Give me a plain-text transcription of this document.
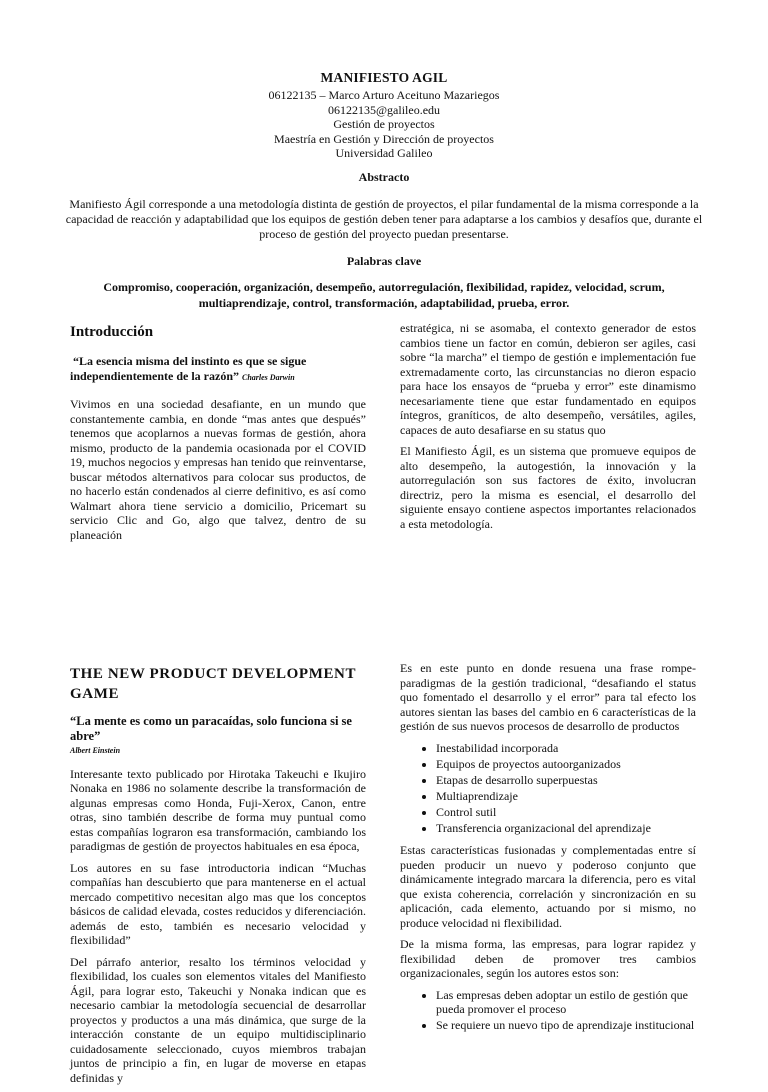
MANIFIESTO AGIL
06122135 – Marco Arturo Aceituno Mazariegos
06122135@galileo.edu
Gestión de proyectos
Maestría en Gestión y Dirección de proyectos
Universidad Galileo
Abstracto
Manifiesto Ágil corresponde a una metodología distinta de gestión de proyectos, el pilar fundamental de la misma corresponde a la capacidad de reacción y adaptabilidad que los equipos de gestión deben tener para adaptarse a los cambios y desafíos que, durante el proceso de gestión del proyecto puedan presentarse.
Palabras clave
Compromiso, cooperación, organización, desempeño, autorregulación, flexibilidad, rapidez, velocidad, scrum, multiaprendizaje, control, transformación, adaptabilidad, prueba, error.
Introducción
“La esencia misma del instinto es que se sigue independientemente de la razón” Charles Darwin

Vivimos en una sociedad desafiante, en un mundo que constantemente cambia, en donde “mas antes que después” tenemos que acoplarnos a nuevas formas de gestión, ahora mismo, producto de la pandemia ocasionada por el COVID 19, muchos negocios y empresas han tenido que reinventarse, buscar métodos alternativos para colocar sus productos, de no hacerlo están condenados al cierre definitivo, es así como Walmart ahora tiene servicio a domicilio, Pricemart su servicio Clic and Go, algo que talvez, dentro de su planeación

estratégica, ni se asomaba, el contexto generador de estos cambios tiene un factor en común, debieron ser agiles, casi sobre “la marcha” el tiempo de gestión e implementación fue extremadamente corto, las circunstancias no dieron espacio para hace los ensayos de “prueba y error” este dinamismo necesariamente tiene que estar fundamentado en equipos íntegros, graníticos, de alto desempeño, versátiles, agiles, capaces de auto desafiarse en su status quo

El Manifiesto Ágil, es un sistema que promueve equipos de alto desempeño, la autogestión, la innovación y la autorregulación son sus factores de éxito, involucran directriz, pero la misma es esencial, el desarrollo del siguiente ensayo contiene aspectos importantes relacionados a esta metodología.

THE NEW PRODUCT DEVELOPMENT GAME
“La mente es como un paracaídas, solo funciona si se abre”
Albert Einstein

Interesante texto publicado por Hirotaka Takeuchi e Ikujiro Nonaka en 1986 no solamente describe la transformación de algunas empresas como Honda, Fuji-Xerox, Canon, entre otras, sino también describe de forma muy puntual como estas compañías lograron esa transformación, cambiando los paradigmas de gestión de proyectos habituales en esa época,

Los autores en su fase introductoria indican “Muchas compañías han descubierto que para mantenerse en el actual mercado competitivo necesitan algo mas que los conceptos básicos de calidad elevada, costes reducidos y diferenciación. además de esto, también es necesario velocidad y flexibilidad”

Del párrafo anterior, resalto los términos velocidad y flexibilidad, los cuales son elementos vitales del Manifiesto Ágil, para lograr esto, Takeuchi y Nonaka indican que es necesario cambiar la metodología secuencial de desarrollar proyectos y productos a una más dinámica, que surge de la interacción constante de un equipo multidisciplinario cuidadosamente seleccionado, cuyos miembros trabajan juntos de principio a fin, en lugar de moverse en etapas definidas y

Es en este punto en donde resuena una frase rompe-paradigmas de la gestión tradicional, “desafiando el status quo fomentado el desarrollo y el error” para tal efecto los autores sientan las bases del cambio en 6 características de la gestión de sus nuevos procesos de desarrollo de productos

• Inestabilidad incorporada
• Equipos de proyectos autoorganizados
• Etapas de desarrollo superpuestas
• Multiaprendizaje
• Control sutil
• Transferencia organizacional del aprendizaje

Estas características fusionadas y complementadas entre sí pueden producir un nuevo y poderoso conjunto que dinámicamente integrado marcara la diferencia, pero es vital que exista coherencia, correlación y sincronización en su aplicación, cada elemento, actuando por si mismo, no produce velocidad ni flexibilidad.

De la misma forma, las empresas, para lograr rapidez y flexibilidad deben de promover tres cambios organizacionales, según los autores estos son:

• Las empresas deben adoptar un estilo de gestión que pueda promover el proceso
• Se requiere un nuevo tipo de aprendizaje institucional
